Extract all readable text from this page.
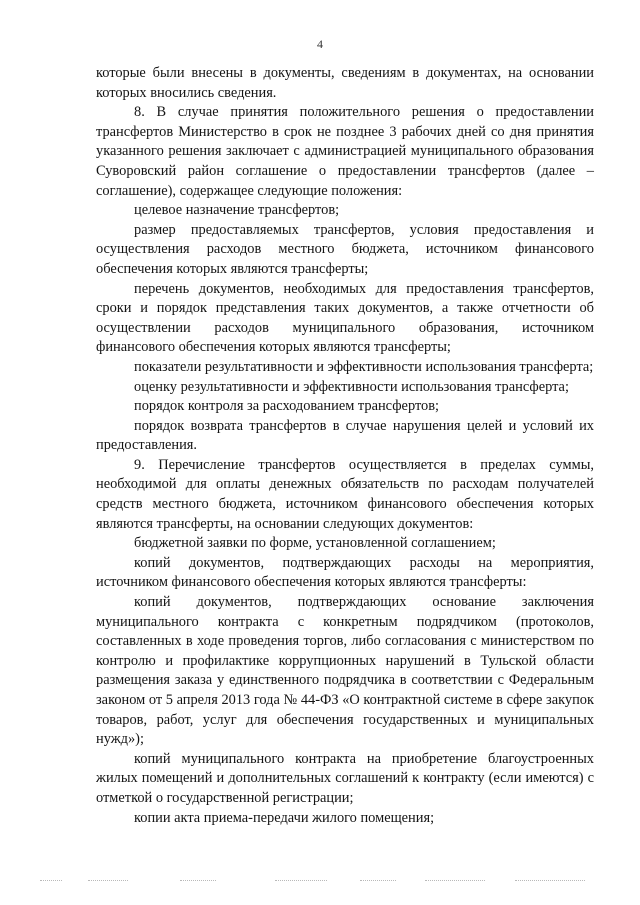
4

которые были внесены в документы, сведениям в документах, на основании которых вносились сведения.

8. В случае принятия положительного решения о предоставлении трансфертов Министерство в срок не позднее 3 рабочих дней со дня принятия указанного решения заключает с администрацией муниципального образования Суворовский район соглашение о предоставлении трансфертов (далее – соглашение), содержащее следующие положения:

целевое назначение трансфертов;

размер предоставляемых трансфертов, условия предоставления и осуществления расходов местного бюджета, источником финансового обеспечения которых являются трансферты;

перечень документов, необходимых для предоставления трансфертов, сроки и порядок представления таких документов, а также отчетности об осуществлении расходов муниципального образования, источником финансового обеспечения которых являются трансферты;

показатели результативности и эффективности использования трансферта;

оценку результативности и эффективности использования трансферта;

порядок контроля за расходованием трансфертов;

порядок возврата трансфертов в случае нарушения целей и условий их предоставления.

9. Перечисление трансфертов осуществляется в пределах суммы, необходимой для оплаты денежных обязательств по расходам получателей средств местного бюджета, источником финансового обеспечения которых являются трансферты, на основании следующих документов:

бюджетной заявки по форме, установленной соглашением;

копий документов, подтверждающих расходы на мероприятия, источником финансового обеспечения которых являются трансферты:

копий документов, подтверждающих основание заключения муниципального контракта с конкретным подрядчиком (протоколов, составленных в ходе проведения торгов, либо согласования с министерством по контролю и профилактике коррупционных нарушений в Тульской области размещения заказа у единственного подрядчика в соответствии с Федеральным законом от 5 апреля 2013 года № 44-ФЗ «О контрактной системе в сфере закупок товаров, работ, услуг для обеспечения государственных и муниципальных нужд»);

копий муниципального контракта на приобретение благоустроенных жилых помещений и дополнительных соглашений к контракту (если имеются) с отметкой о государственной регистрации;

копии акта приема-передачи жилого помещения;
